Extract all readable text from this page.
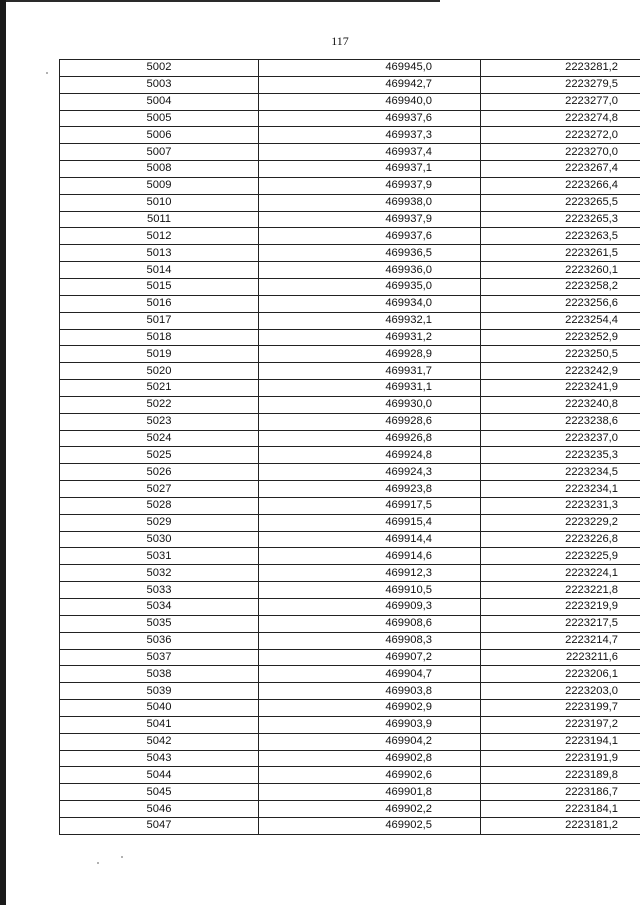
117
5002	469945,0	2223281,2
5003	469942,7	2223279,5
5004	469940,0	2223277,0
5005	469937,6	2223274,8
5006	469937,3	2223272,0
5007	469937,4	2223270,0
5008	469937,1	2223267,4
5009	469937,9	2223266,4
5010	469938,0	2223265,5
5011	469937,9	2223265,3
5012	469937,6	2223263,5
5013	469936,5	2223261,5
5014	469936,0	2223260,1
5015	469935,0	2223258,2
5016	469934,0	2223256,6
5017	469932,1	2223254,4
5018	469931,2	2223252,9
5019	469928,9	2223250,5
5020	469931,7	2223242,9
5021	469931,1	2223241,9
5022	469930,0	2223240,8
5023	469928,6	2223238,6
5024	469926,8	2223237,0
5025	469924,8	2223235,3
5026	469924,3	2223234,5
5027	469923,8	2223234,1
5028	469917,5	2223231,3
5029	469915,4	2223229,2
5030	469914,4	2223226,8
5031	469914,6	2223225,9
5032	469912,3	2223224,1
5033	469910,5	2223221,8
5034	469909,3	2223219,9
5035	469908,6	2223217,5
5036	469908,3	2223214,7
5037	469907,2	2223211,6
5038	469904,7	2223206,1
5039	469903,8	2223203,0
5040	469902,9	2223199,7
5041	469903,9	2223197,2
5042	469904,2	2223194,1
5043	469902,8	2223191,9
5044	469902,6	2223189,8
5045	469901,8	2223186,7
5046	469902,2	2223184,1
5047	469902,5	2223181,2
